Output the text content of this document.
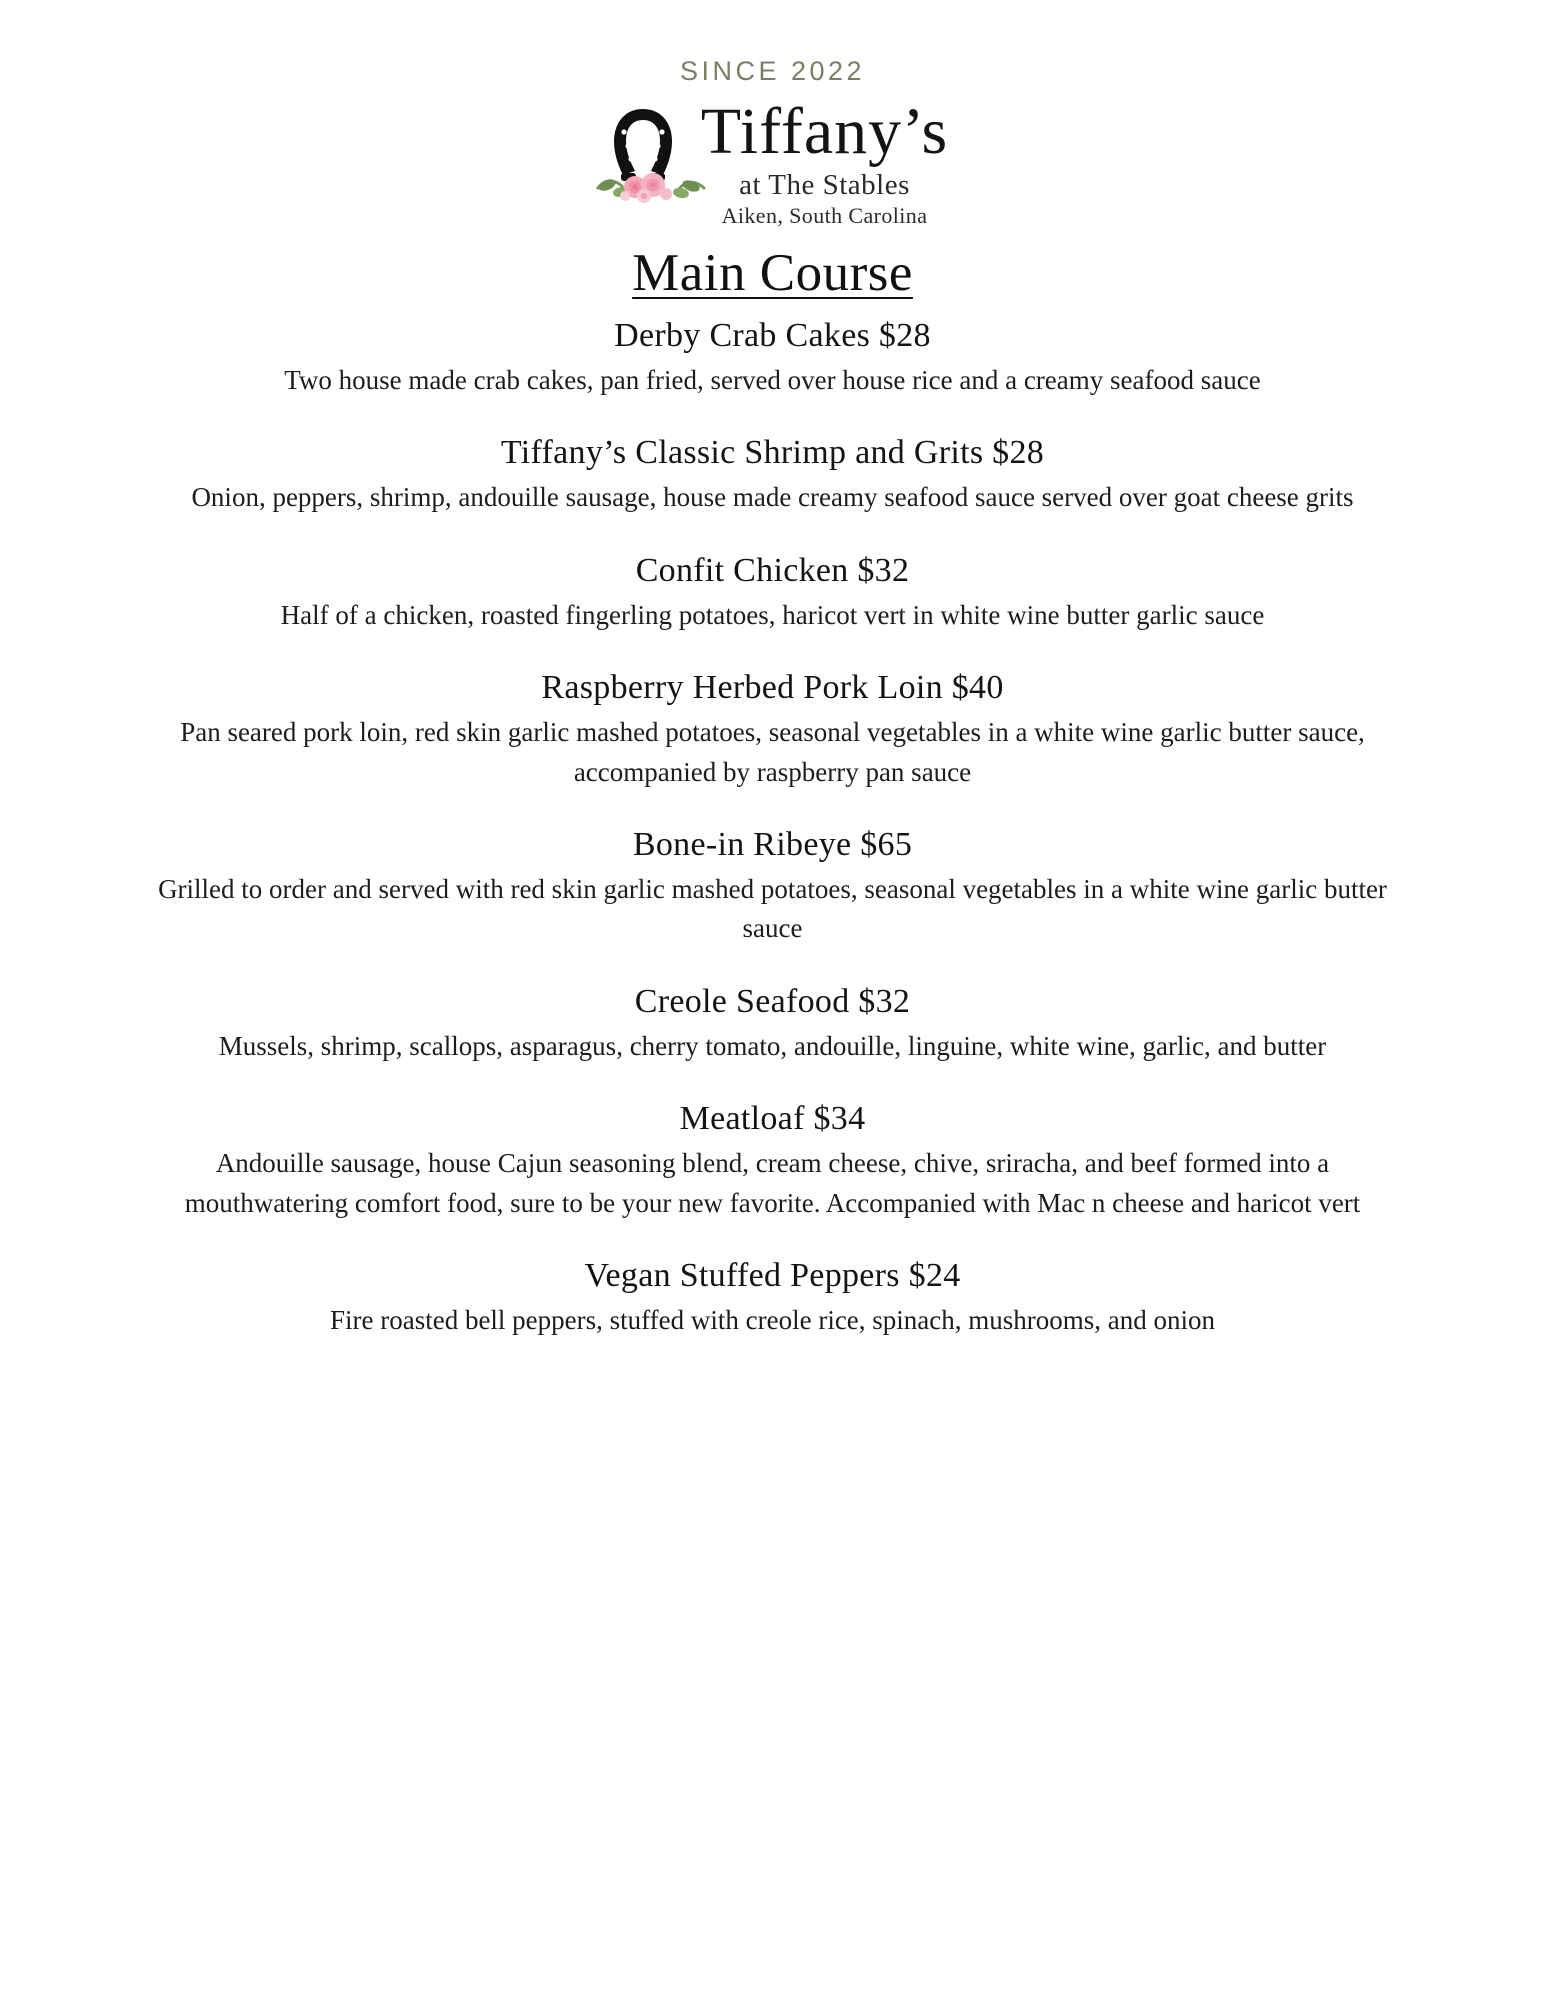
SINCE 2022
Tiffany’s
at The Stables
Aiken, South Carolina
Main Course
Derby Crab Cakes $28
Two house made crab cakes, pan fried, served over house rice and a creamy seafood sauce
Tiffany’s Classic Shrimp and Grits $28
Onion, peppers, shrimp, andouille sausage, house made creamy seafood sauce served over goat cheese grits
Confit Chicken $32
Half of a chicken, roasted fingerling potatoes, haricot vert in white wine butter garlic sauce
Raspberry Herbed Pork Loin $40
Pan seared pork loin, red skin garlic mashed potatoes, seasonal vegetables in a white wine garlic butter sauce, accompanied by raspberry pan sauce
Bone-in Ribeye $65
Grilled to order and served with red skin garlic mashed potatoes, seasonal vegetables in a white wine garlic butter sauce
Creole Seafood $32
Mussels, shrimp, scallops, asparagus, cherry tomato, andouille, linguine, white wine, garlic, and butter
Meatloaf $34
Andouille sausage, house Cajun seasoning blend, cream cheese, chive, sriracha, and beef formed into a mouthwatering comfort food, sure to be your new favorite. Accompanied with Mac n cheese and haricot vert
Vegan Stuffed Peppers $24
Fire roasted bell peppers, stuffed with creole rice, spinach, mushrooms, and onion
